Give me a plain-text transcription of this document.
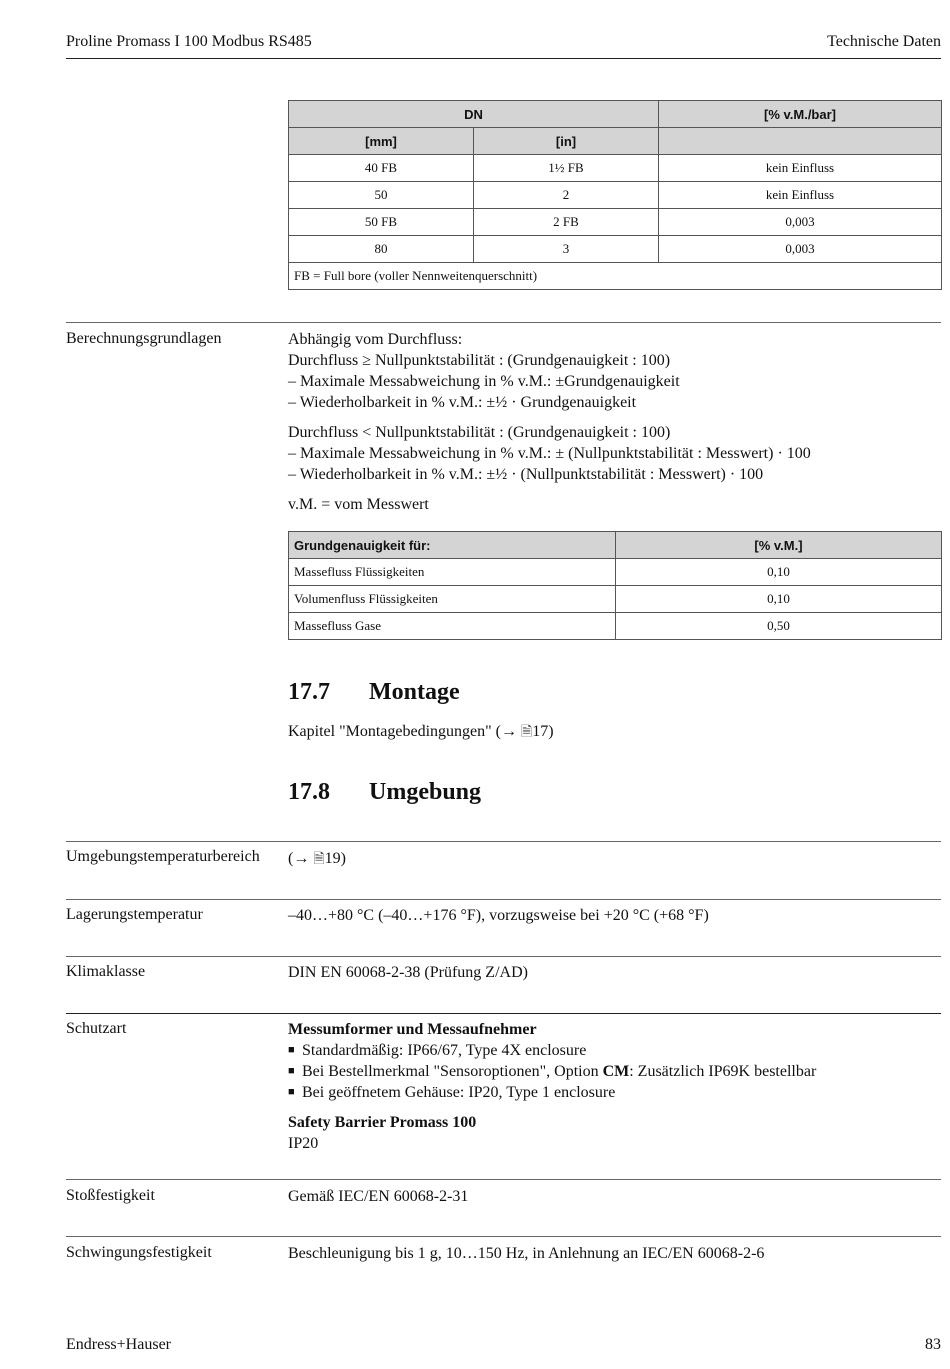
Proline Promass I 100 Modbus RS485	Technische Daten
DN		[% v.M./bar]
[mm]	[in]	
40 FB	1½ FB	kein Einfluss
50	2	kein Einfluss
50 FB	2 FB	0,003
80	3	0,003
FB = Full bore (voller Nennweitenquerschnitt)		
Berechnungsgrundlagen	Abhängig vom Durchfluss:

Durchfluss ≥ Nullpunktstabilität : (Grundgenauigkeit : 100)

– Maximale Messabweichung in % v.M.: ±Grundgenauigkeit

– Wiederholbarkeit in % v.M.: ±½ · Grundgenauigkeit

Durchfluss < Nullpunktstabilität : (Grundgenauigkeit : 100)

– Maximale Messabweichung in % v.M.: ± (Nullpunktstabilität : Messwert) · 100

– Wiederholbarkeit in % v.M.: ±½ · (Nullpunktstabilität : Messwert) · 100

v.M. = vom Messwert

Grundgenauigkeit für:	[% v.M.]
Massefluss Flüssigkeiten	0,10
Volumenfluss Flüssigkeiten	0,10
Massefluss Gase	0,50
17.7 Montage
Kapitel "Montagebedingungen" (→ 🗎17)
17.8 Umgebung
Umgebungstemperaturbereich (→ 🗎19)
Lagerungstemperatur	–40…+80 °C (–40…+176 °F), vorzugsweise bei +20 °C (+68 °F)
Klimaklasse	DIN EN 60068-2-38 (Prüfung Z/AD)
Schutzart	Messumformer und Messaufnehmer

■ Standardmäßig: IP66/67, Type 4X enclosure
■ Bei Bestellmerkmal "Sensoroptionen", Option CM: Zusätzlich IP69K bestellbar
■ Bei geöffnetem Gehäuse: IP20, Type 1 enclosure

Safety Barrier Promass 100

IP20

Stoßfestigkeit	Gemäß IEC/EN 60068-2-31
Schwingungsfestigkeit	Beschleunigung bis 1 g, 10…150 Hz, in Anlehnung an IEC/EN 60068-2-6
Endress+Hauser	83
